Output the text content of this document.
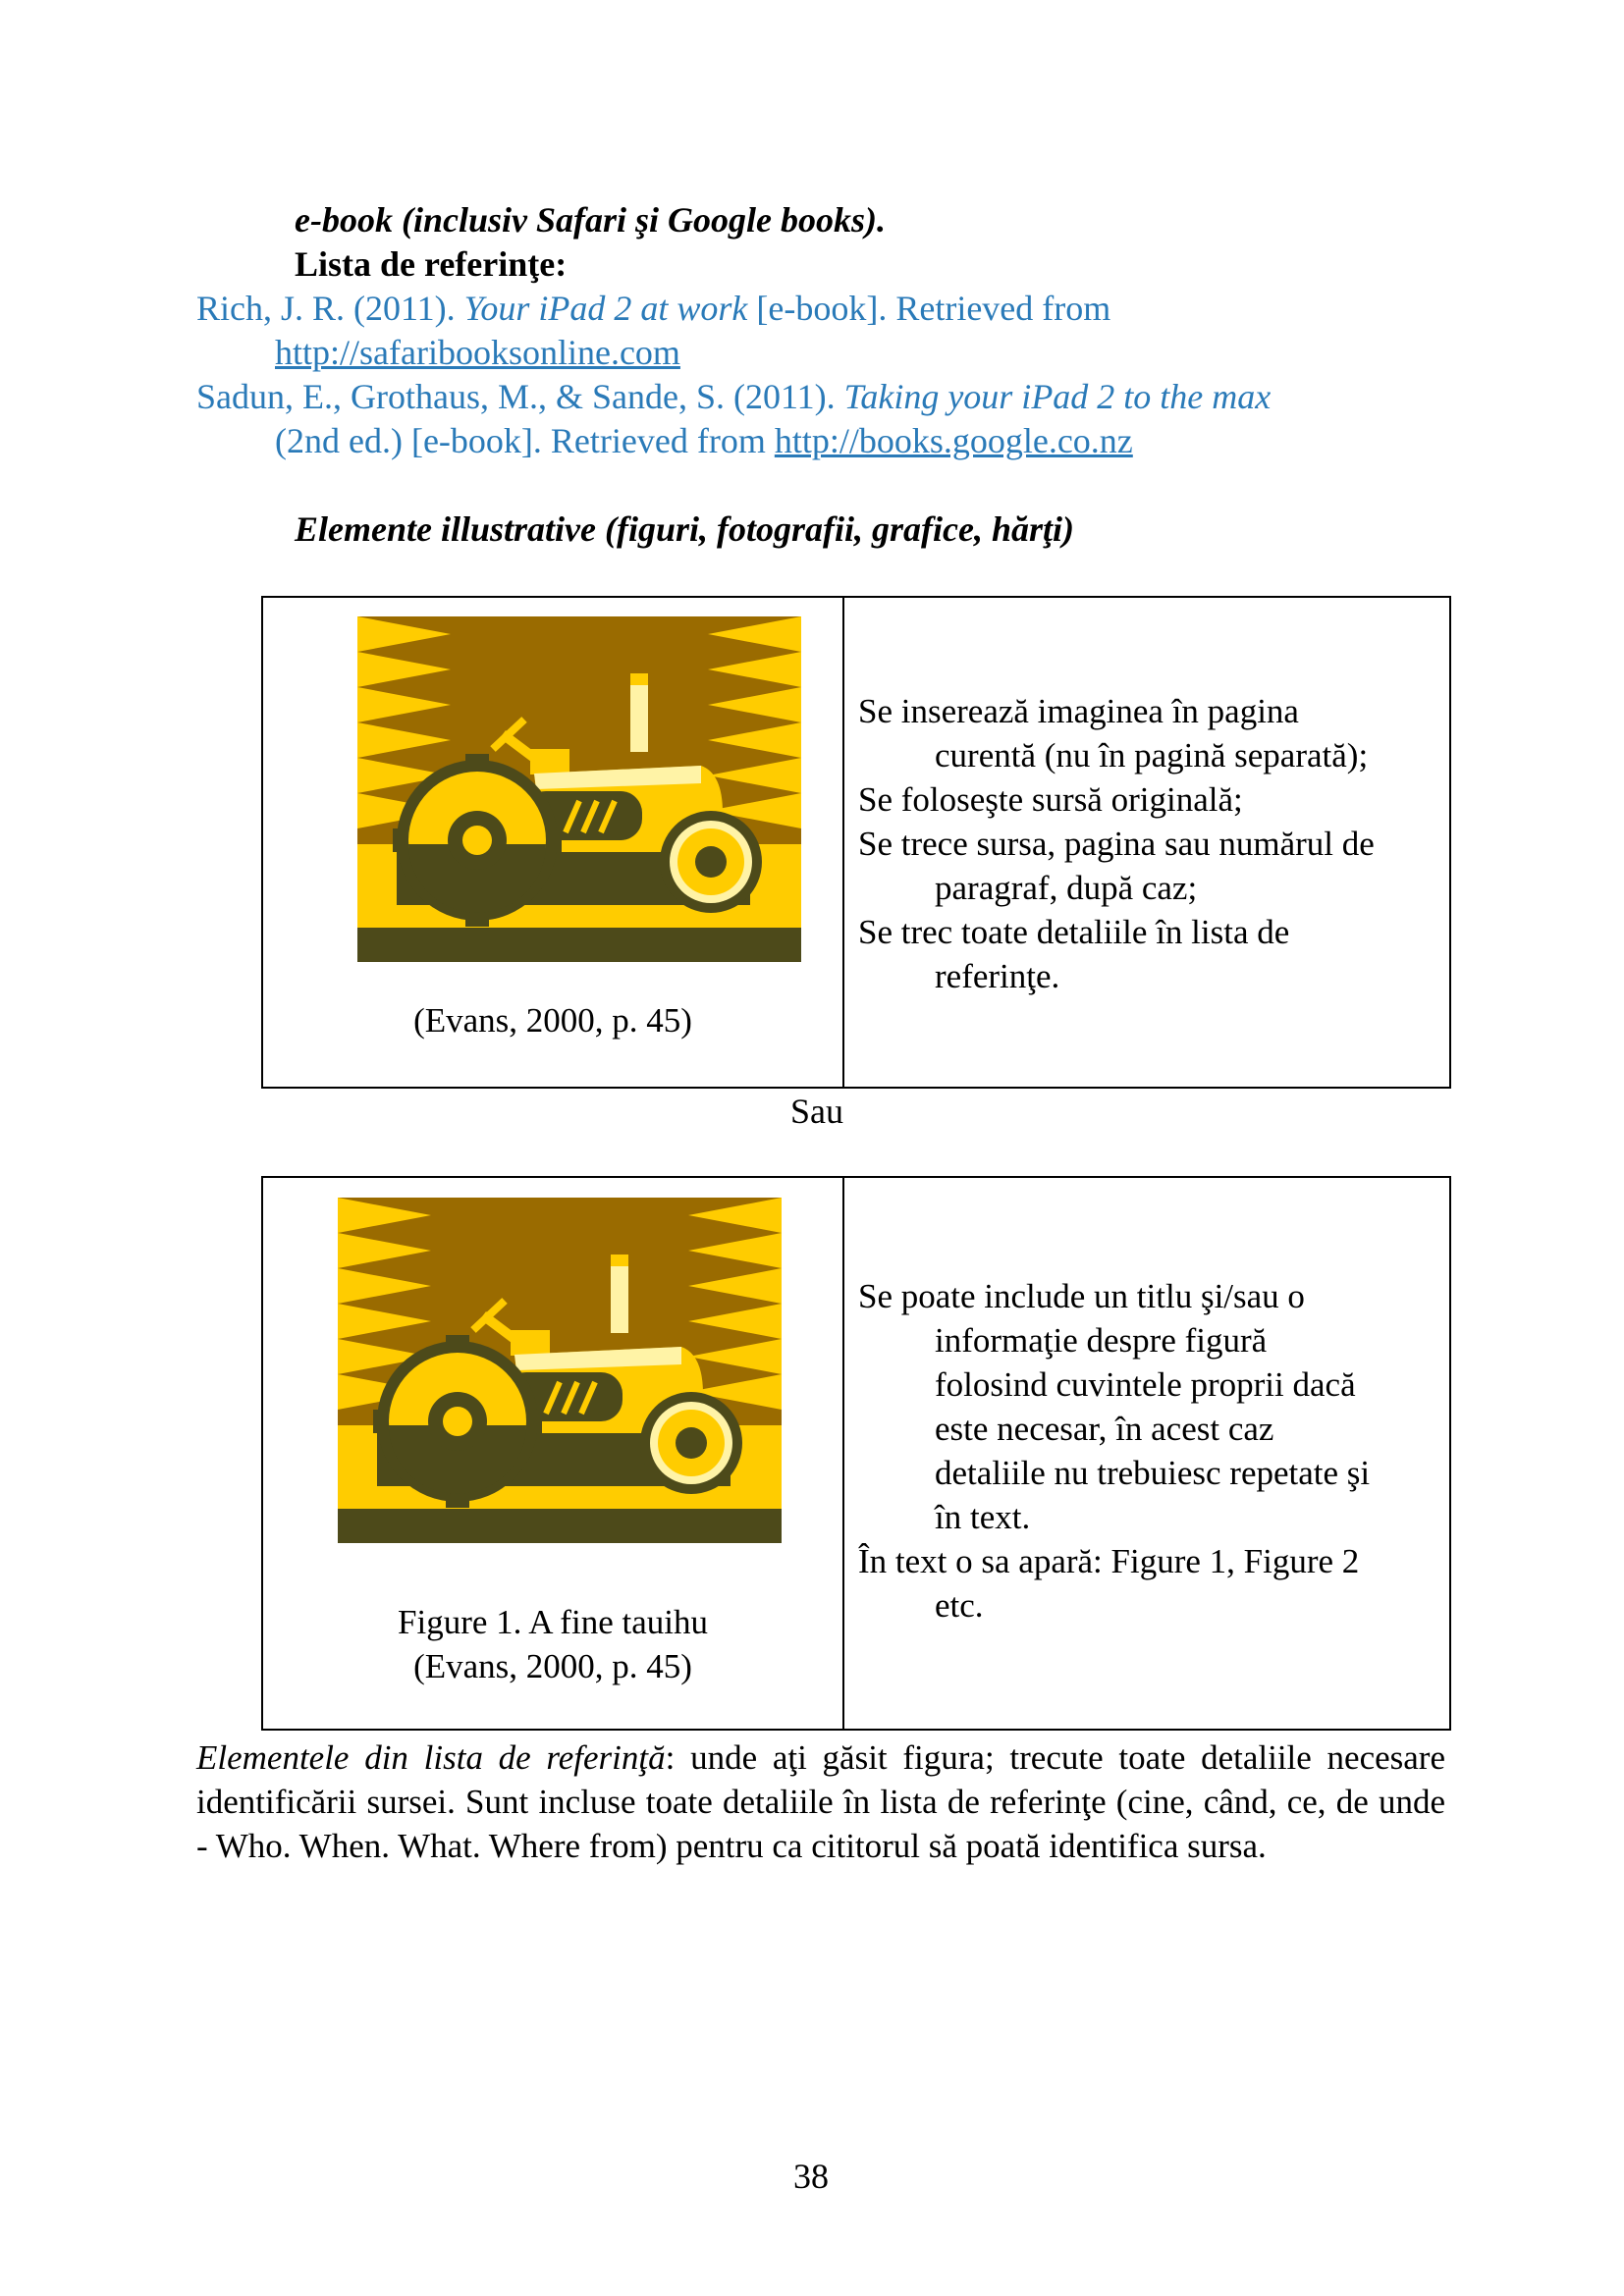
e-book (inclusiv Safari şi Google books).
Lista de referinţe:
Rich, J. R. (2011). Your iPad 2 at work [e-book]. Retrieved from
http://safaribooksonline.com
Sadun, E., Grothaus, M., & Sande, S. (2011). Taking your iPad 2 to the max
(2nd ed.) [e-book]. Retrieved from http://books.google.co.nz
Elemente illustrative (figuri, fotografii, grafice, hărţi)
(Evans, 2000, p. 45)
Se inserează imaginea în pagina
curentă (nu în pagină separată);
Se foloseşte sursă originală;
Se trece sursa, pagina sau numărul de
paragraf, după caz;
Se trec toate detaliile în lista de
referinţe.
Sau
Figure 1. A fine tauihu
(Evans, 2000, p. 45)
Se poate include un titlu şi/sau o
informaţie despre figură
folosind cuvintele proprii dacă
este necesar, în acest caz
detaliile nu trebuiesc repetate şi
în text.
În text o sa apară: Figure 1, Figure 2
etc.
Elementele din lista de referinţă: unde aţi găsit figura; trecute toate detaliile necesare identificării sursei. Sunt incluse toate detaliile în lista de referinţe (cine, când, ce, de unde - Who. When. What. Where from) pentru ca cititorul să poată identifica sursa.
38
